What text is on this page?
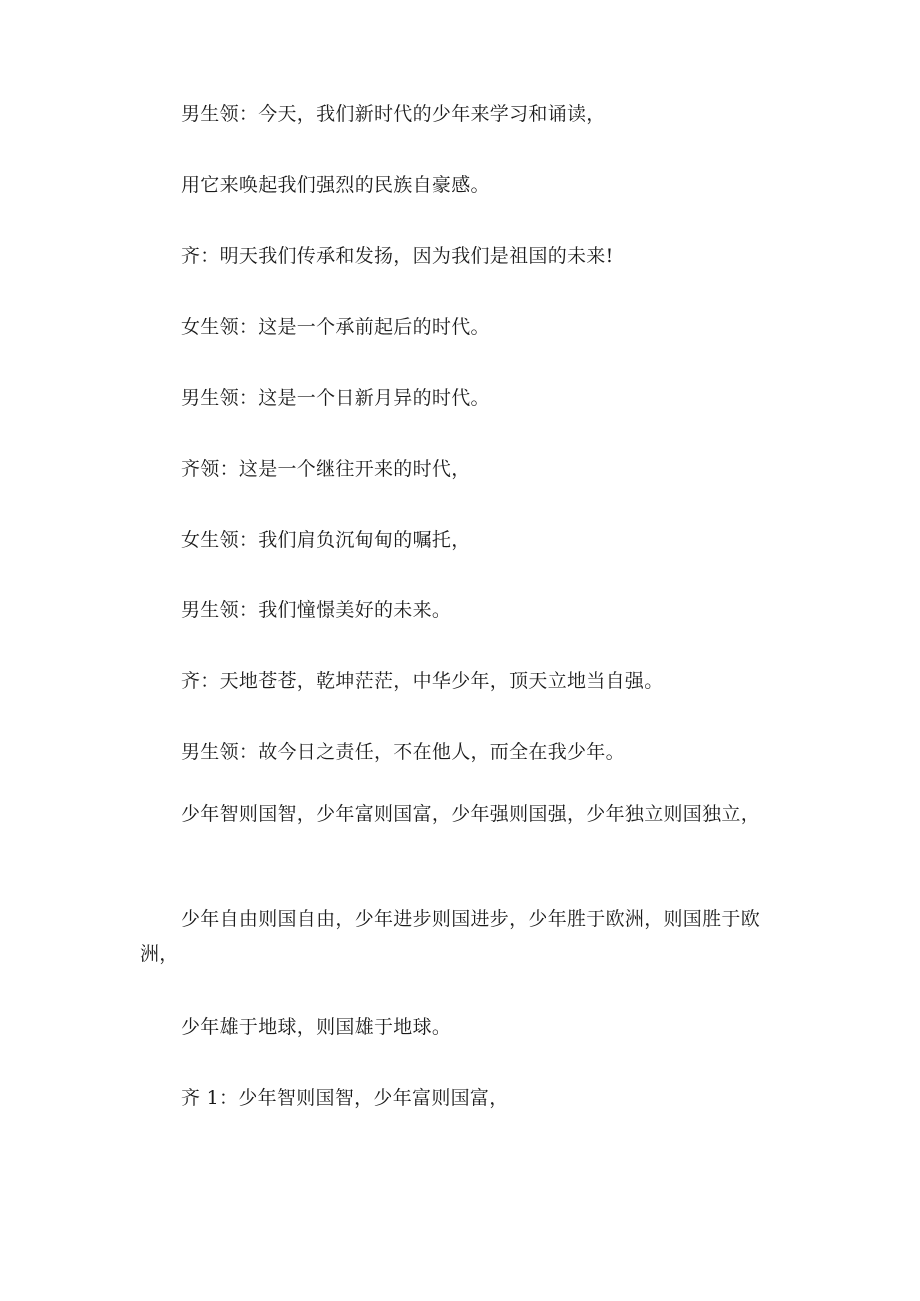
男生领：今天，我们新时代的少年来学习和诵读，

用它来唤起我们强烈的民族自豪感。

齐：明天我们传承和发扬，因为我们是祖国的未来!

女生领：这是一个承前起后的时代。

男生领：这是一个日新月异的时代。

齐领：这是一个继往开来的时代，

女生领：我们肩负沉甸甸的嘱托，

男生领：我们憧憬美好的未来。

齐：天地苍苍，乾坤茫茫，中华少年，顶天立地当自强。

男生领：故今日之责任，不在他人，而全在我少年。

少年智则国智，少年富则国富，少年强则国强，少年独立则国独立，

少年自由则国自由，少年进步则国进步，少年胜于欧洲，则国胜于欧洲，

少年雄于地球，则国雄于地球。

齐 1：少年智则国智，少年富则国富，
